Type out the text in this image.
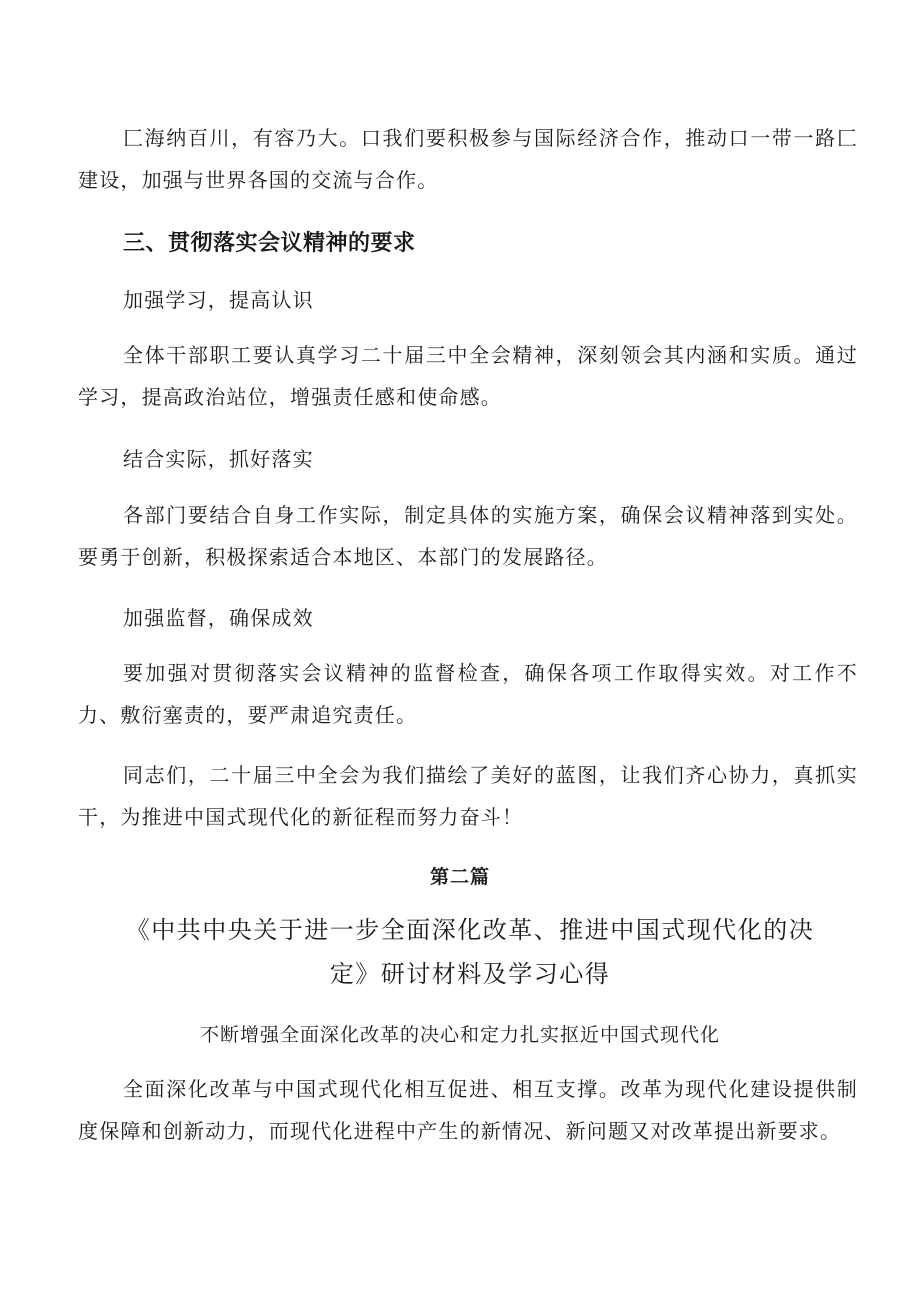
匚海纳百川，有容乃大。口我们要积极参与国际经济合作，推动口一带一路匚建设，加强与世界各国的交流与合作。

三、贯彻落实会议精神的要求

加强学习，提高认识

全体干部职工要认真学习二十届三中全会精神，深刻领会其内涵和实质。通过学习，提高政治站位，增强责任感和使命感。

结合实际，抓好落实

各部门要结合自身工作实际，制定具体的实施方案，确保会议精神落到实处。要勇于创新，积极探索适合本地区、本部门的发展路径。

加强监督，确保成效

要加强对贯彻落实会议精神的监督检查，确保各项工作取得实效。对工作不力、敷衍塞责的，要严肃追究责任。

同志们，二十届三中全会为我们描绘了美好的蓝图，让我们齐心协力，真抓实干，为推进中国式现代化的新征程而努力奋斗！

第二篇

《中共中央关于进一步全面深化改革、推进中国式现代化的决定》研讨材料及学习心得

不断增强全面深化改革的决心和定力扎实抠近中国式现代化

全面深化改革与中国式现代化相互促进、相互支撑。改革为现代化建设提供制度保障和创新动力，而现代化进程中产生的新情况、新问题又对改革提出新要求。
